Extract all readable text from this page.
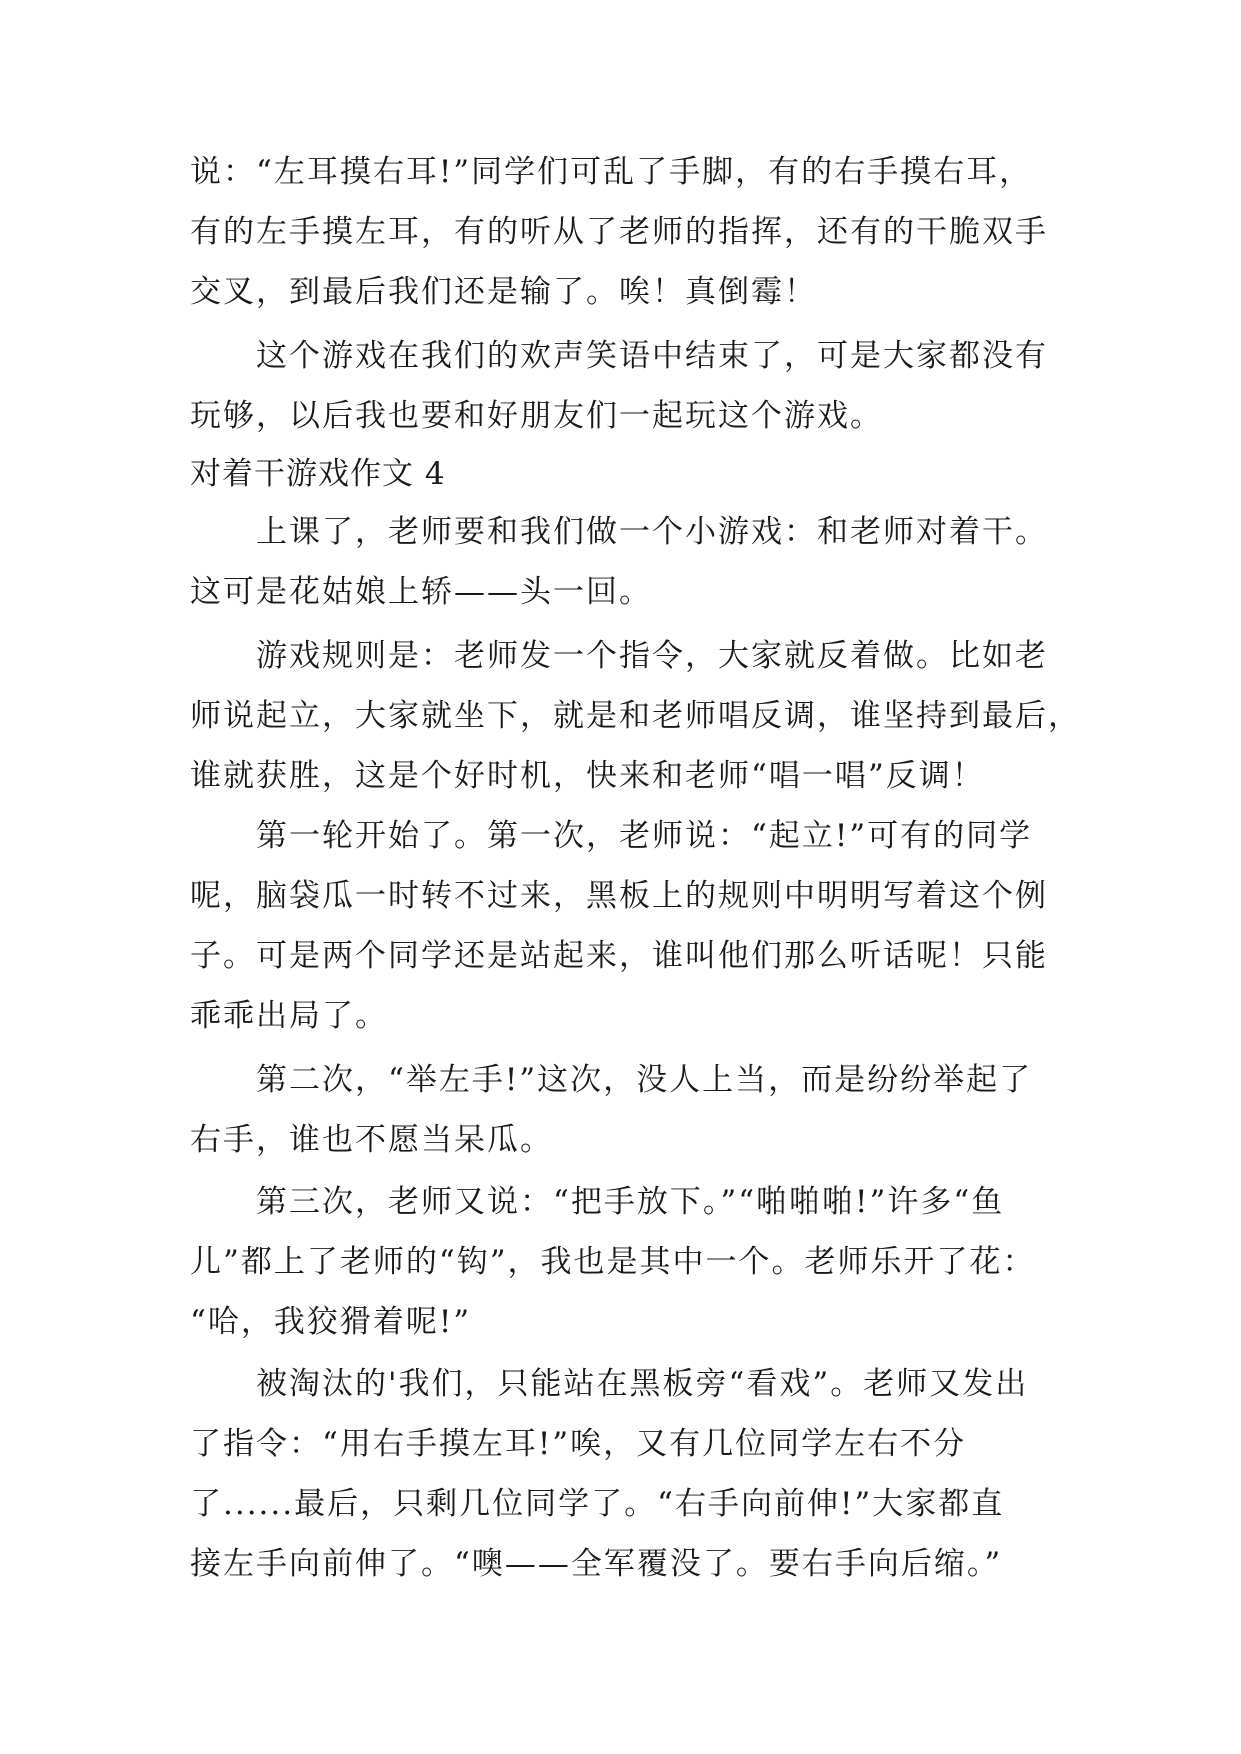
说：“左耳摸右耳!”同学们可乱了手脚，有的右手摸右耳，
有的左手摸左耳，有的听从了老师的指挥，还有的干脆双手
交叉，到最后我们还是输了。唉！真倒霉！
这个游戏在我们的欢声笑语中结束了，可是大家都没有
玩够，以后我也要和好朋友们一起玩这个游戏。
对着干游戏作文 4
上课了，老师要和我们做一个小游戏：和老师对着干。
这可是花姑娘上轿——头一回。
游戏规则是：老师发一个指令，大家就反着做。比如老
师说起立，大家就坐下，就是和老师唱反调，谁坚持到最后，
谁就获胜，这是个好时机，快来和老师“唱一唱”反调！
第一轮开始了。第一次，老师说：“起立!”可有的同学
呢，脑袋瓜一时转不过来，黑板上的规则中明明写着这个例
子。可是两个同学还是站起来，谁叫他们那么听话呢！只能
乖乖出局了。
第二次，“举左手!”这次，没人上当，而是纷纷举起了
右手，谁也不愿当呆瓜。
第三次，老师又说：“把手放下。”“啪啪啪!”许多“鱼
儿”都上了老师的“钩”，我也是其中一个。老师乐开了花：
“哈，我狡猾着呢!”
被淘汰的'我们，只能站在黑板旁“看戏”。老师又发出
了指令：“用右手摸左耳!”唉，又有几位同学左右不分
了......最后，只剩几位同学了。“右手向前伸!”大家都直
接左手向前伸了。“噢——全军覆没了。要右手向后缩。”
